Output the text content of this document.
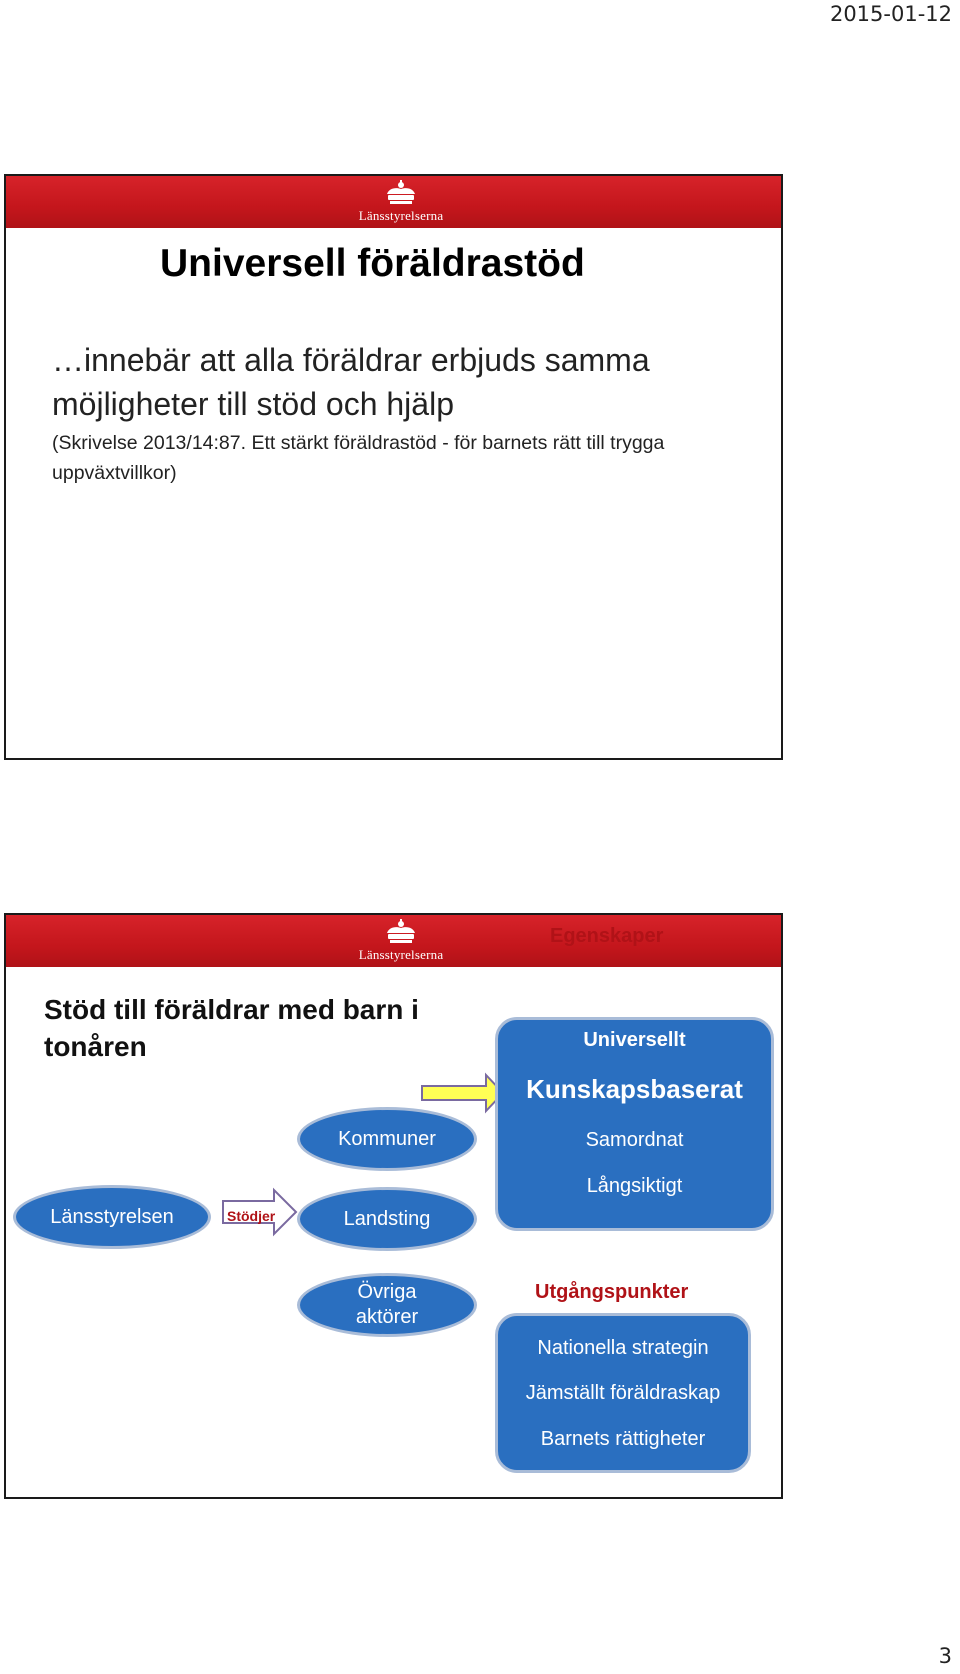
2015-01-12
Länsstyrelserna
Universell föräldrastöd
…innebär att alla föräldrar erbjuds samma
möjligheter till stöd och hjälp
(Skrivelse 2013/14:87. Ett stärkt föräldrastöd - för barnets rätt till trygga
uppväxtvillkor)
Länsstyrelserna
Stöd till föräldrar med barn i
tonåren
Stödjer
Länsstyrelsen
Kommuner
Landsting
Övriga
aktörer
Egenskaper
Universellt
Kunskapsbaserat
Samordnat
Långsiktigt
Utgångspunkter
Nationella strategin
Jämställt föräldraskap
Barnets rättigheter
3
